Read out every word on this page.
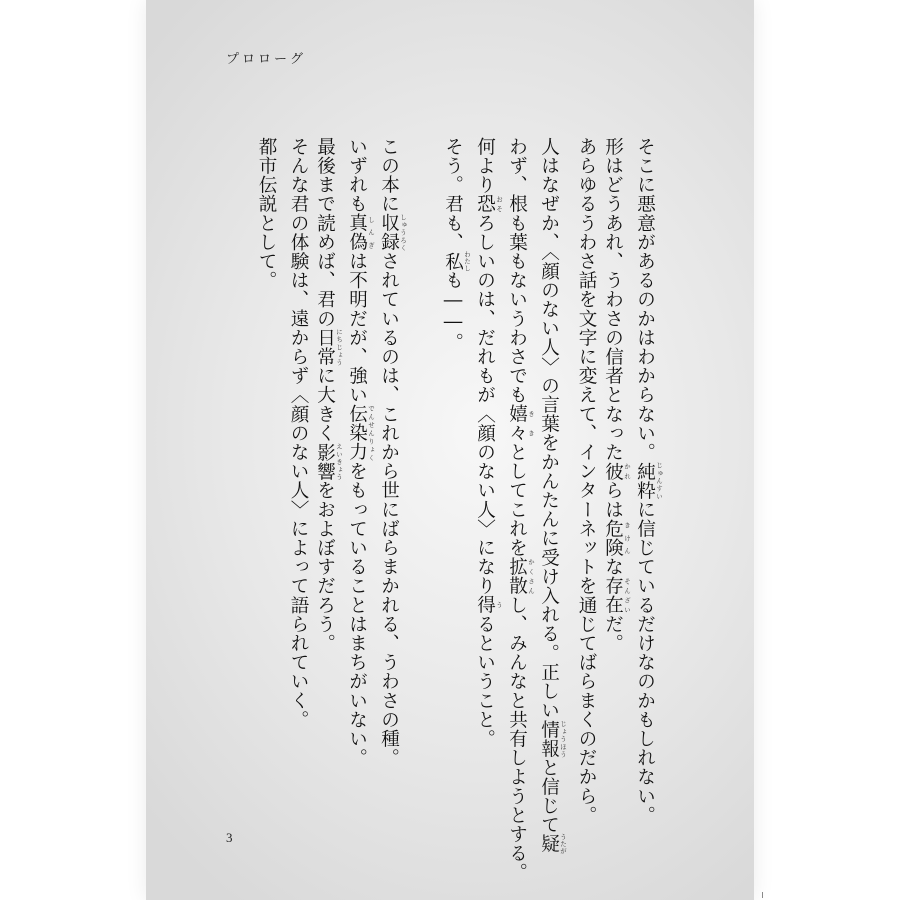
プロローグ
そこに悪意があるのかはわからない。純粋 じゅんすいに信じているだけなのかもしれない。
形はどうあれ、うわさの信者となった彼 かれらは危険 きけんな存在 そんざいだ。
あらゆるうわさ話を文字に変えて、インターネットを通じてばらまくのだから。
人はなぜか、〈顔のない人〉の言葉をかんたんに受け入れる。正しい情報 じょうほうと信じて疑 うたが
わず、根も葉もないうわさでも嬉々 ききとしてこれを拡散 かくさんし、みんなと共有しようとする。
何より恐 おそろしいのは、だれもが〈顔のない人〉になり得 うるということ。
そう。君も、私 わたしも――。
この本に収録 しゅうろくされているのは、これから世にばらまかれる、うわさの種。
いずれも真偽 しんぎは不明だが、強い伝染力 でんせんりょくをもっていることはまちがいない。
最後まで読めば、君の日常 にちじょうに大きく影響 えいきょうをおよぼすだろう。
そんな君の体験は、遠からず〈顔のない人〉によって語られていく。
都市伝説として。
3
